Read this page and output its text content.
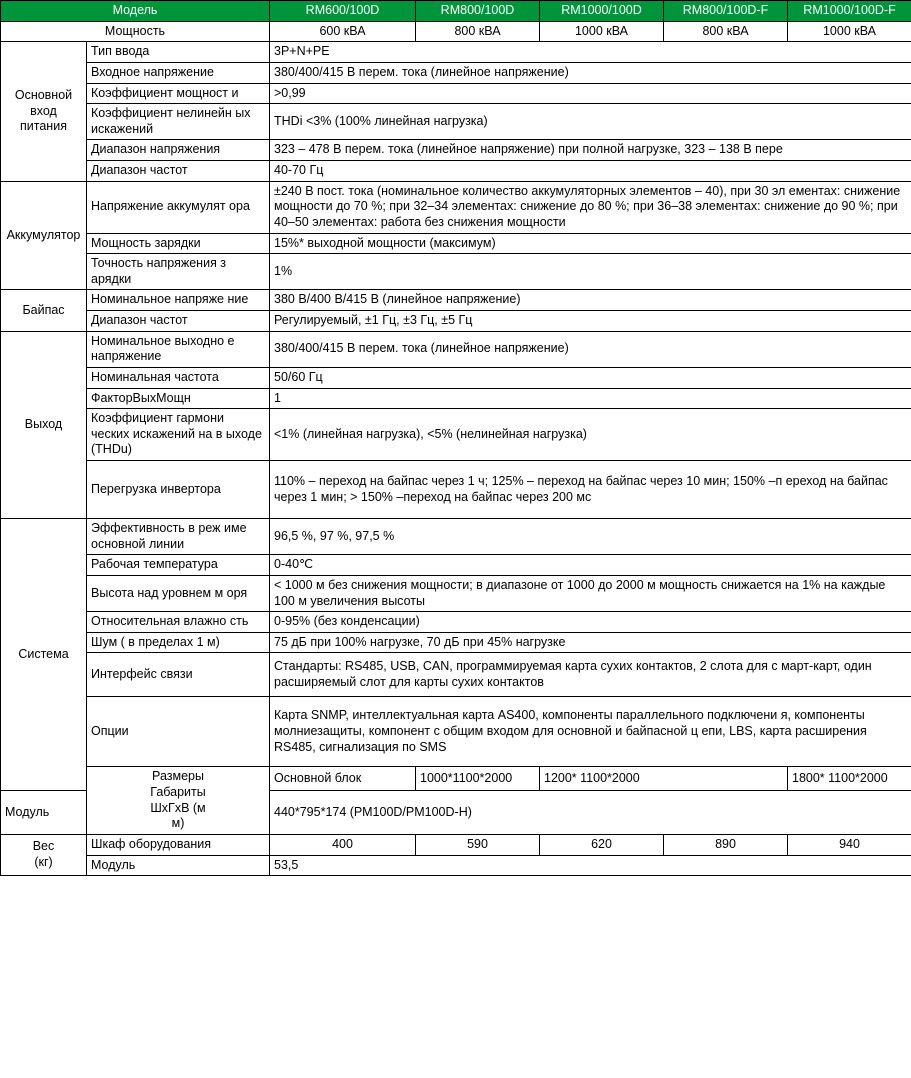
Модель		RM600/100D	RM800/100D	RM1000/100D	RM800/100D-F	RM1000/100D-F
Мощность		600 кВА	800 кВА	1000 кВА	800 кВА	1000 кВА
Основной вход питания	Тип ввода	3P+N+PE				
	Входное напряжение	380/400/415 В перем. тока (линейное напряжение)				
	Коэффициент мощност и	>0,99				
	Коэффициент нелинейн ых искажений	THDi <3% (100% линейная нагрузка)				
	Диапазон напряжения	323 – 478 В перем. тока (линейное напряжение) при полной нагрузке, 323 – 138 В пере				
	Диапазон частот	40-70 Гц				
Аккумулятор	Напряжение аккумулят ора	±240 В пост. тока (номинальное количество аккумуляторных элементов – 40), при 30 эл ементах: снижение мощности до 70 %; при 32–34 элементах: снижение до 80 %; при 36–38 элементах: снижение до 90 %; при 40–50 элементах: работа без снижения мощности				
	Мощность зарядки	15%* выходной мощности (максимум)				
	Точность напряжения з арядки	1%				
Байпас	Номинальное напряже ние	380 В/400 В/415 В (линейное напряжение)				
	Диапазон частот	Регулируемый, ±1 Гц, ±3 Гц, ±5 Гц				
Выход	Номинальное выходно е напряжение	380/400/415 В перем. тока (линейное напряжение)				
	Номинальная частота	50/60 Гц				
	ФакторВыхМощн	1				
	Коэффициент гармони ческих искажений на в ыходе (THDu)	<1% (линейная нагрузка), <5% (нелинейная нагрузка)				
	Перегрузка инвертора	110% – переход на байпас через 1 ч; 125% – переход на байпас через 10 мин; 150% –п ереход на байпас через 1 мин; > 150% –переход на байпас через 200 мс				
Система	Эффективность в реж име основной линии	96,5 %, 97 %, 97,5 %				
	Рабочая температура	0-40℃				
	Высота над уровнем м оря	< 1000 м без снижения мощности; в диапазоне от 1000 до 2000 м мощность снижается на 1% на каждые 100 м увеличения высоты				
	Относительная влажно сть	0-95% (без конденсации)				
	Шум ( в пределах 1 м)	75 дБ при 100% нагрузке, 70 дБ при 45% нагрузке				
	Интерфейс связи	Стандарты: RS485, USB, CAN, программируемая карта сухих контактов, 2 слота для с март-карт, один расширяемый слот для карты сухих контактов				
	Опции	Карта SNMP, интеллектуальная карта AS400, компоненты параллельного подключени я, компоненты молниезащиты, компонент с общим входом для основной и байпасной ц епи, LBS, карта расширения RS485, сигнализация по SMS				
	Размеры
Габариты
ШхГхВ (м
м)	Основной блок	1000*1100*2000	1200* 1100*2000		1800* 1100*2000
Модуль		440*795*174 (РМ100D/PM100D-H)				
Вес
(кг)	Шкаф оборудования	400	590	620	890	940
	Модуль	53,5				
